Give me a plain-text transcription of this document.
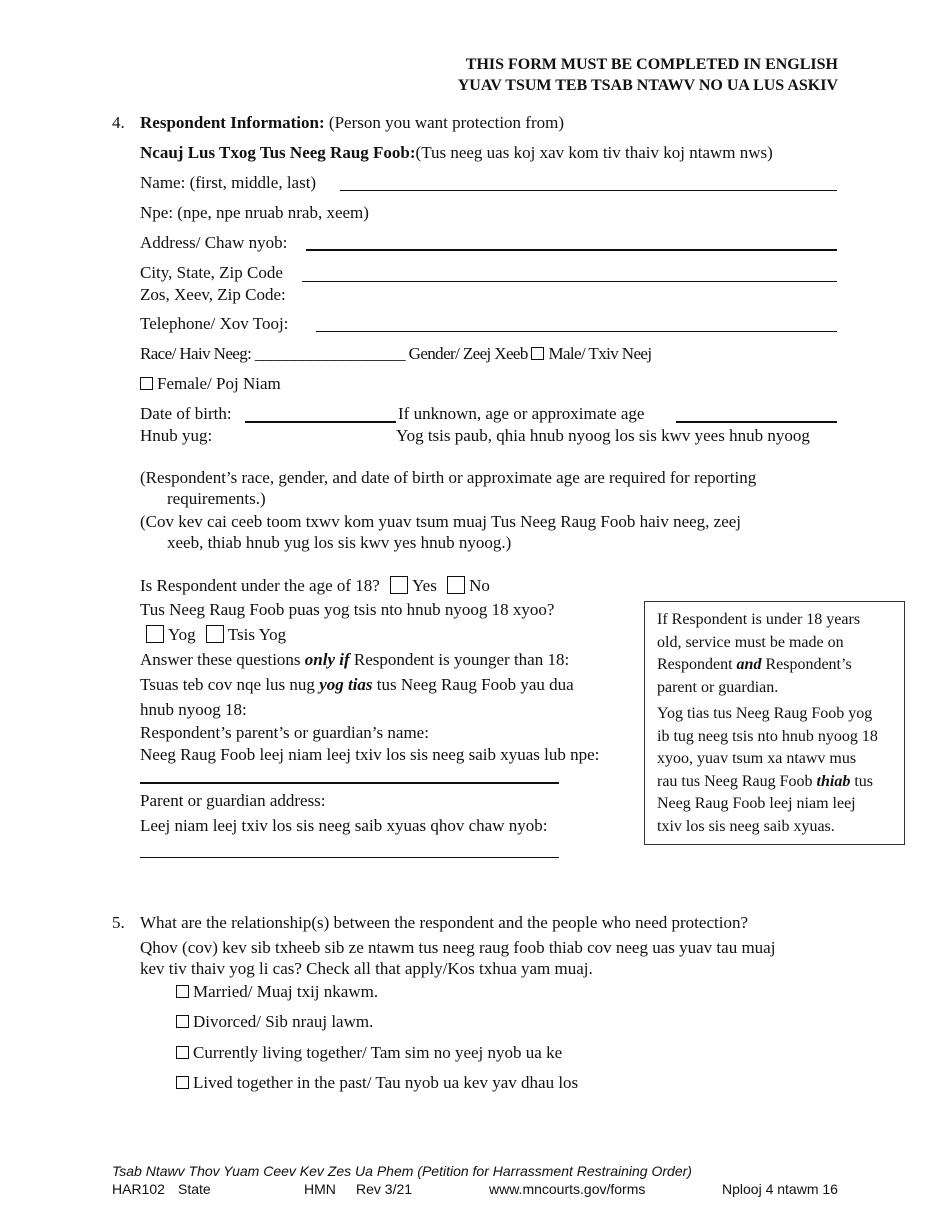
THIS FORM MUST BE COMPLETED IN ENGLISH
YUAV TSUM TEB TSAB NTAWV NO UA LUS ASKIV
4. Respondent Information: (Person you want protection from)
Ncauj Lus Txog Tus Neeg Raug Foob:(Tus neeg uas koj xav kom tiv thaiv koj ntawm nws)
Name: (first, middle, last)
Npe: (npe, npe nruab nrab, xeem)
Address/ Chaw nyob:
City, State, Zip Code
Zos, Xeev, Zip Code:
Telephone/ Xov Tooj:
Race/ Haiv Neeg: ___________________ Gender/ Zeej Xeeb Male/ Txiv Neej
Female/ Poj Niam
Date of birth:	If unknown, age or approximate age
Hnub yug:	Yog tsis paub, qhia hnub nyoog los sis kwv yees hnub nyoog
(Respondent’s race, gender, and date of birth or approximate age are required for reporting
requirements.)
(Cov kev cai ceeb toom txwv kom yuav tsum muaj Tus Neeg Raug Foob haiv neeg, zeej
xeeb, thiab hnub yug los sis kwv yes hnub nyoog.)
Is Respondent under the age of 18? Yes No
Tus Neeg Raug Foob puas yog tsis nto hnub nyoog 18 xyoo?
Yog Tsis Yog
Answer these questions only if Respondent is younger than 18:
Tsuas teb cov nqe lus nug yog tias tus Neeg Raug Foob yau dua
hnub nyoog 18:
Respondent’s parent’s or guardian’s name:
Neeg Raug Foob leej niam leej txiv los sis neeg saib xyuas lub npe:
Parent or guardian address:
Leej niam leej txiv los sis neeg saib xyuas qhov chaw nyob:

If Respondent is under 18 years

old, service must be made on

Respondent and Respondent’s

parent or guardian.

Yog tias tus Neeg Raug Foob yog

ib tug neeg tsis nto hnub nyoog 18

xyoo, yuav tsum xa ntawv mus

rau tus Neeg Raug Foob thiab tus

Neeg Raug Foob leej niam leej

txiv los sis neeg saib xyuas.

5. What are the relationship(s) between the respondent and the people who need protection?
Qhov (cov) kev sib txheeb sib ze ntawm tus neeg raug foob thiab cov neeg uas yuav tau muaj
kev tiv thaiv yog li cas? Check all that apply/Kos txhua yam muaj.
Married/ Muaj txij nkawm.
Divorced/ Sib nrauj lawm.
Currently living together/ Tam sim no yeej nyob ua ke
Lived together in the past/ Tau nyob ua kev yav dhau los
Tsab Ntawv Thov Yuam Ceev Kev Zes Ua Phem (Petition for Harrassment Restraining Order)
HAR102 State	HMN Rev 3/21	www.mncourts.gov/forms	Nplooj 4 ntawm 16
